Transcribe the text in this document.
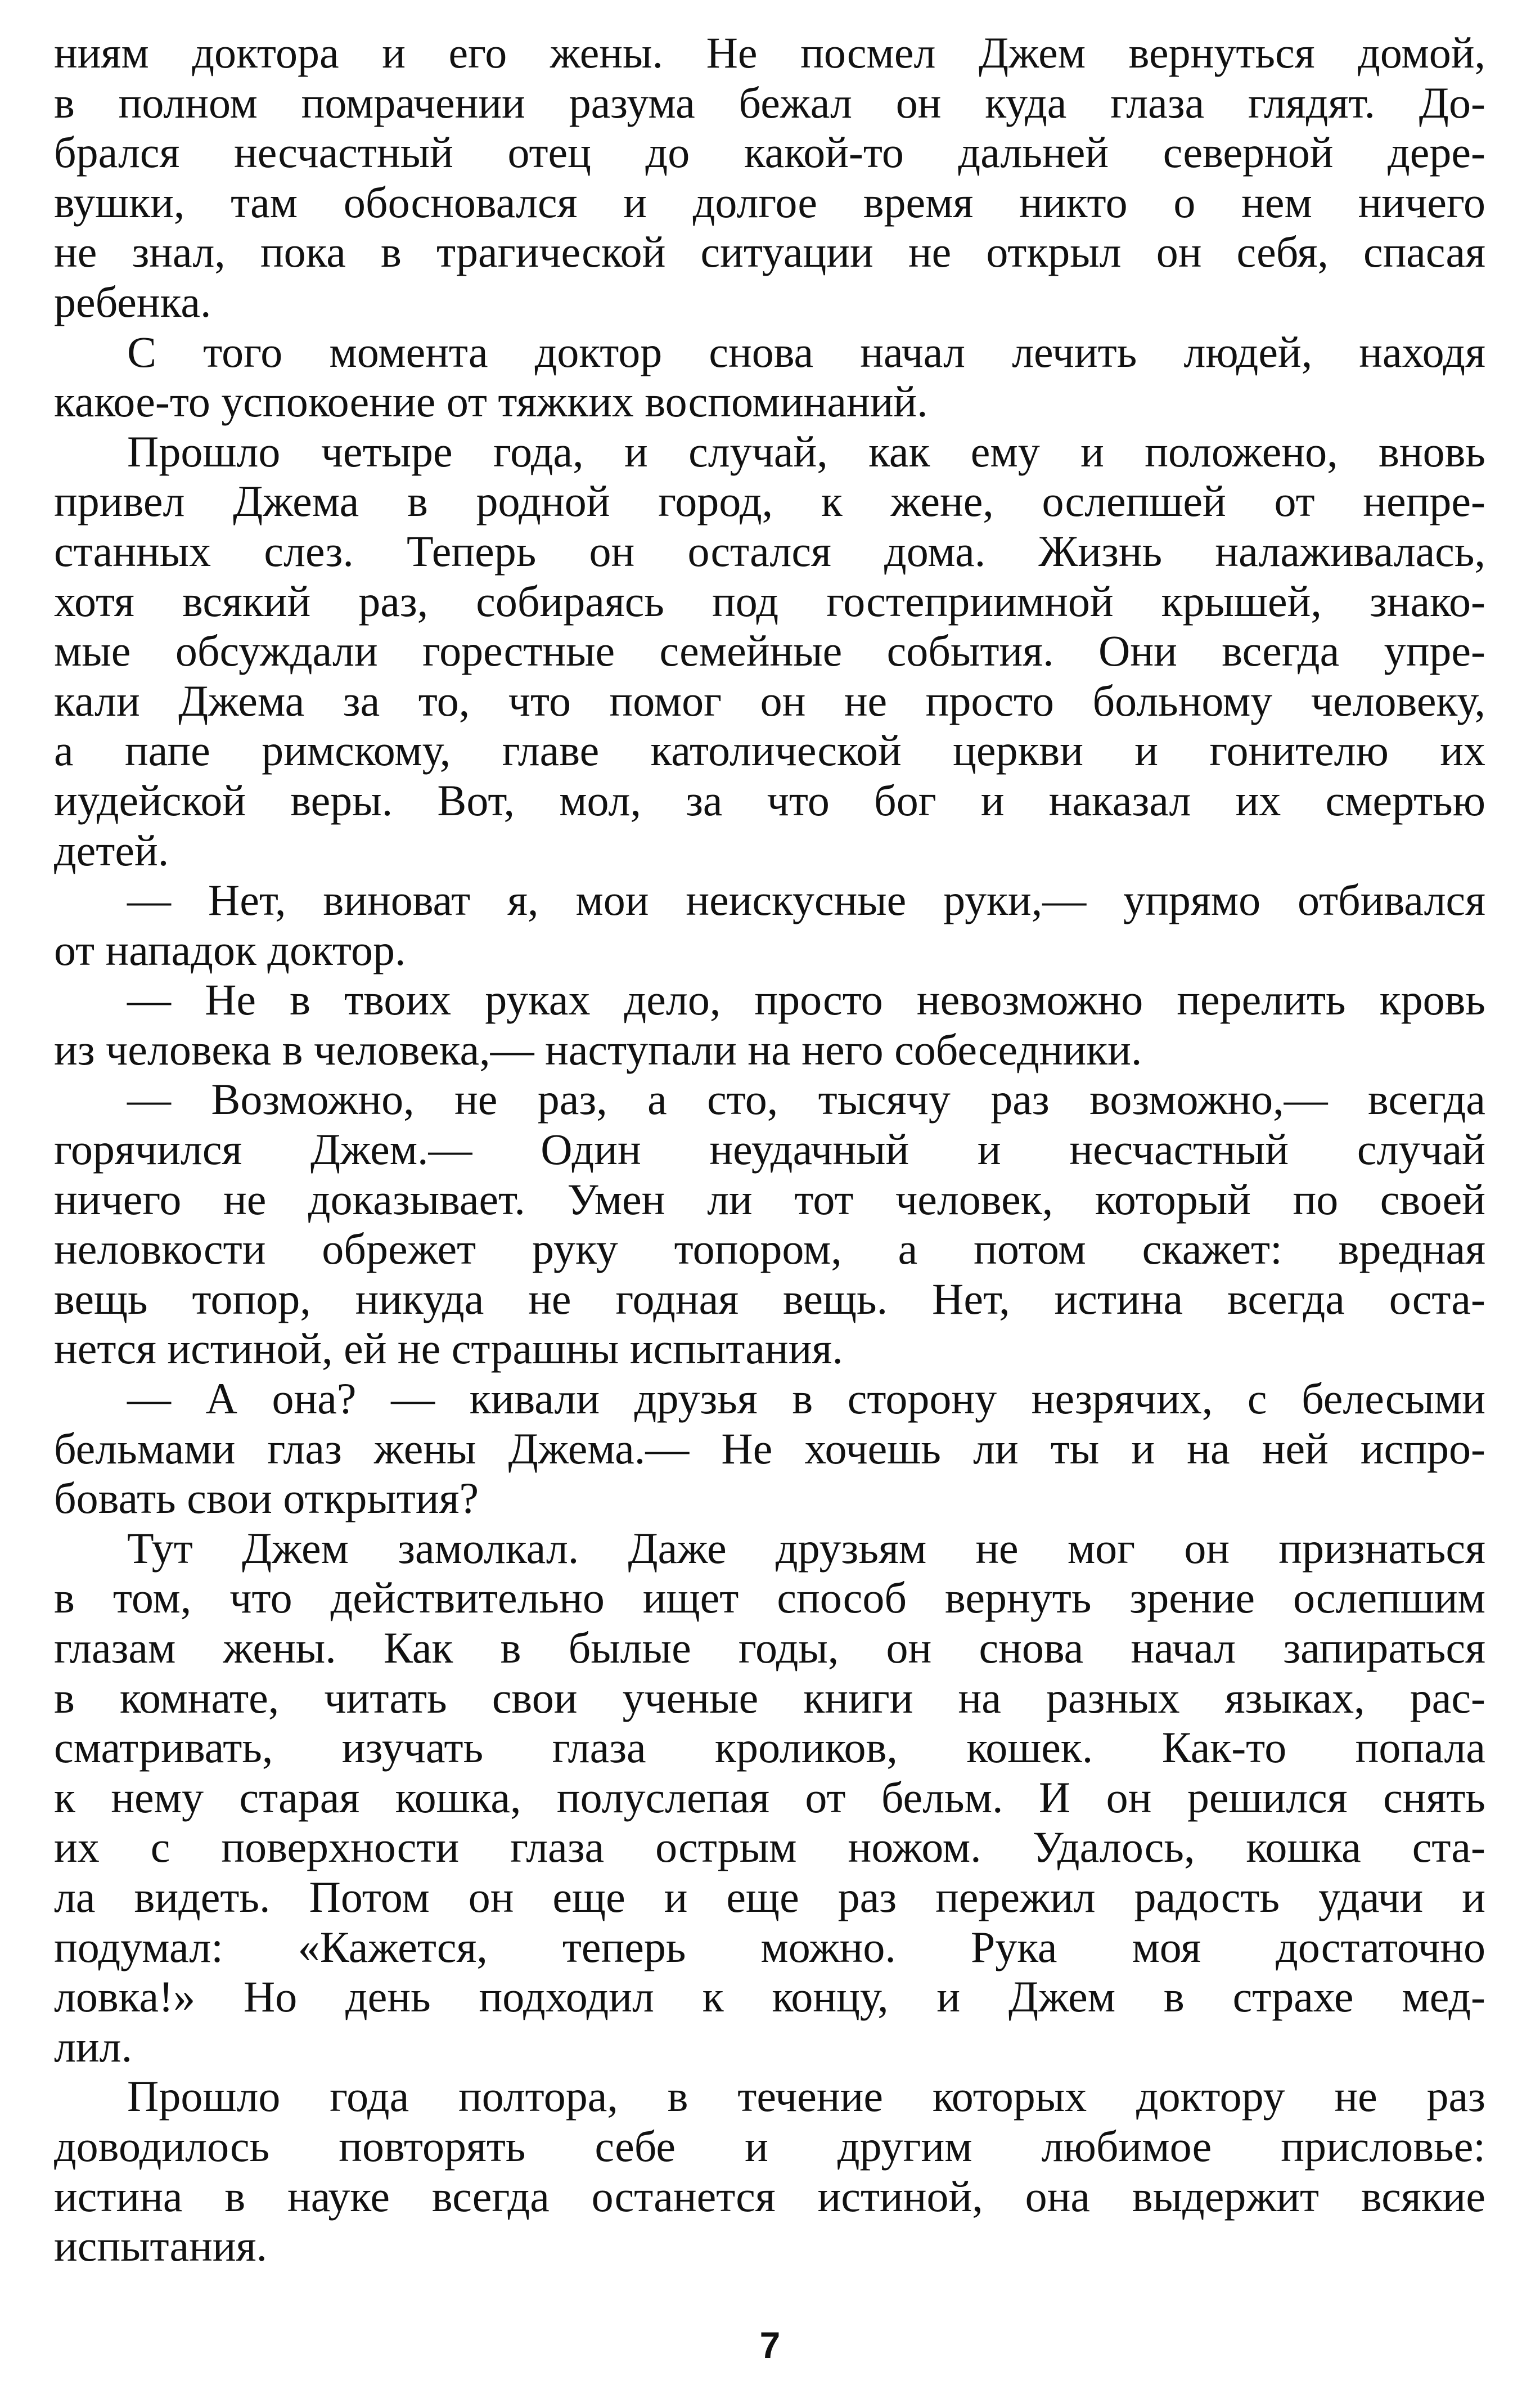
ниям доктора и его жены. Не посмел Джем вернуться домой,
в полном помрачении разума бежал он куда глаза глядят. До-
брался несчастный отец до какой-то дальней северной дере-
вушки, там обосновался и долгое время никто о нем ничего
не знал, пока в трагической ситуации не открыл он себя, спасая
ребенка.
С того момента доктор снова начал лечить людей, находя
какое-то успокоение от тяжких воспоминаний.
Прошло четыре года, и случай, как ему и положено, вновь
привел Джема в родной город, к жене, ослепшей от непре-
станных слез. Теперь он остался дома. Жизнь налаживалась,
хотя всякий раз, собираясь под гостеприимной крышей, знако-
мые обсуждали горестные семейные события. Они всегда упре-
кали Джема за то, что помог он не просто больному человеку,
а папе римскому, главе католической церкви и гонителю их
иудейской веры. Вот, мол, за что бог и наказал их смертью
детей.
— Нет, виноват я, мои неискусные руки,— упрямо отбивался
от нападок доктор.
— Не в твоих руках дело, просто невозможно перелить кровь
из человека в человека,— наступали на него собеседники.
— Возможно, не раз, а сто, тысячу раз возможно,— всегда
горячился Джем.— Один неудачный и несчастный случай
ничего не доказывает. Умен ли тот человек, который по своей
неловкости обрежет руку топором, а потом скажет: вредная
вещь топор, никуда не годная вещь. Нет, истина всегда оста-
нется истиной, ей не страшны испытания.
— А она? — кивали друзья в сторону незрячих, с белесыми
бельмами глаз жены Джема.— Не хочешь ли ты и на ней испро-
бовать свои открытия?
Тут Джем замолкал. Даже друзьям не мог он признаться
в том, что действительно ищет способ вернуть зрение ослепшим
глазам жены. Как в былые годы, он снова начал запираться
в комнате, читать свои ученые книги на разных языках, рас-
сматривать, изучать глаза кроликов, кошек. Как-то попала
к нему старая кошка, полуслепая от бельм. И он решился снять
их с поверхности глаза острым ножом. Удалось, кошка ста-
ла видеть. Потом он еще и еще раз пережил радость удачи и
подумал: «Кажется, теперь можно. Рука моя достаточно
ловка!» Но день подходил к концу, и Джем в страхе мед-
лил.
Прошло года полтора, в течение которых доктору не раз
доводилось повторять себе и другим любимое присловье:
истина в науке всегда останется истиной, она выдержит всякие
испытания.
7
